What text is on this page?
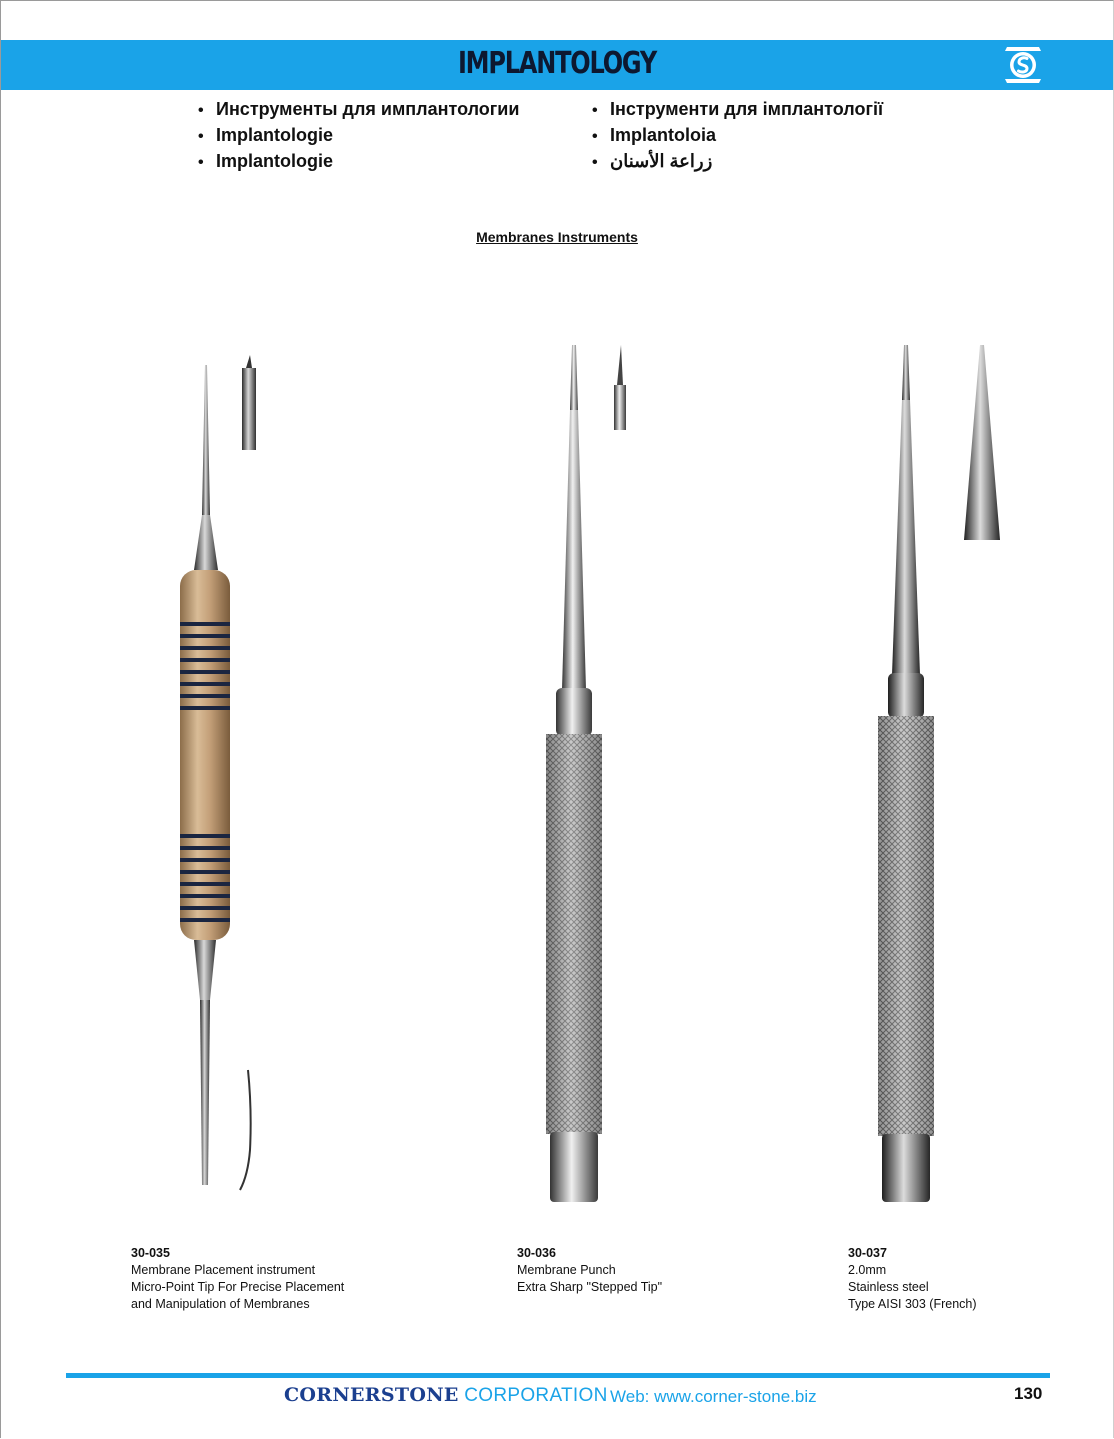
IMPLANTOLOGY
• Инструменты для имплантологии
• Implantologie
• Implantologie
• Інструменти для імплантології
• Implantoloia
• زراعة الأسنان
Membranes Instruments
30-035
Membrane Placement instrument
Micro-Point Tip For Precise Placement
and Manipulation of Membranes
30-036
Membrane Punch
Extra Sharp "Stepped Tip"
30-037
2.0mm
Stainless steel
Type AISI 303 (French)
CORNERSTONE CORPORATION Web: www.corner-stone.biz	130
